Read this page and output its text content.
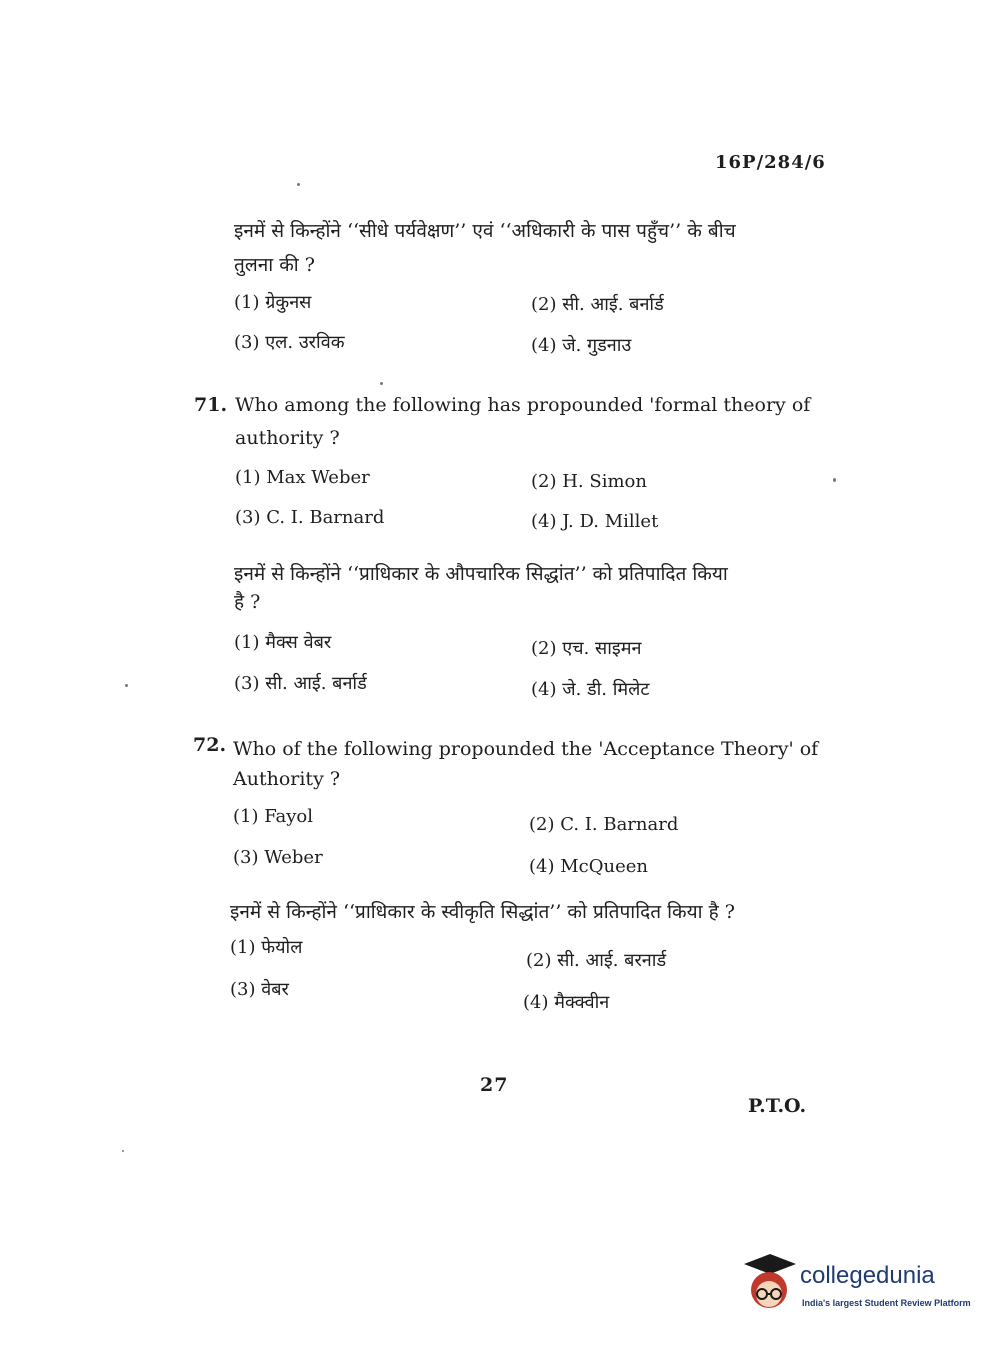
16P/284/6
इनमें से किन्होंने ‘‘सीधे पर्यवेक्षण’’ एवं ‘‘अधिकारी के पास पहुँच’’ के बीच
तुलना की ?
(1) ग्रेकुनस	(2) सी. आई. बर्नार्ड
(3) एल. उरविक	(4) जे. गुडनाउ
71. Who among the following has propounded 'formal theory of
authority ?
(1) Max Weber	(2) H. Simon
(3) C. I. Barnard	(4) J. D. Millet
इनमें से किन्होंने ‘‘प्राधिकार के औपचारिक सिद्धांत’’ को प्रतिपादित किया
है ?
(1) मैक्स वेबर	(2) एच. साइमन
(3) सी. आई. बर्नार्ड	(4) जे. डी. मिलेट
72. Who of the following propounded the 'Acceptance Theory' of
Authority ?
(1) Fayol	(2) C. I. Barnard
(3) Weber	(4) McQueen
इनमें से किन्होंने ‘‘प्राधिकार के स्वीकृति सिद्धांत’’ को प्रतिपादित किया है ?
(1) फेयोल
(2) सी. आई. बरनार्ड
(3) वेबर
(4) मैक्क्वीन
27
P.T.O.
collegedunia
India's largest Student Review Platform
